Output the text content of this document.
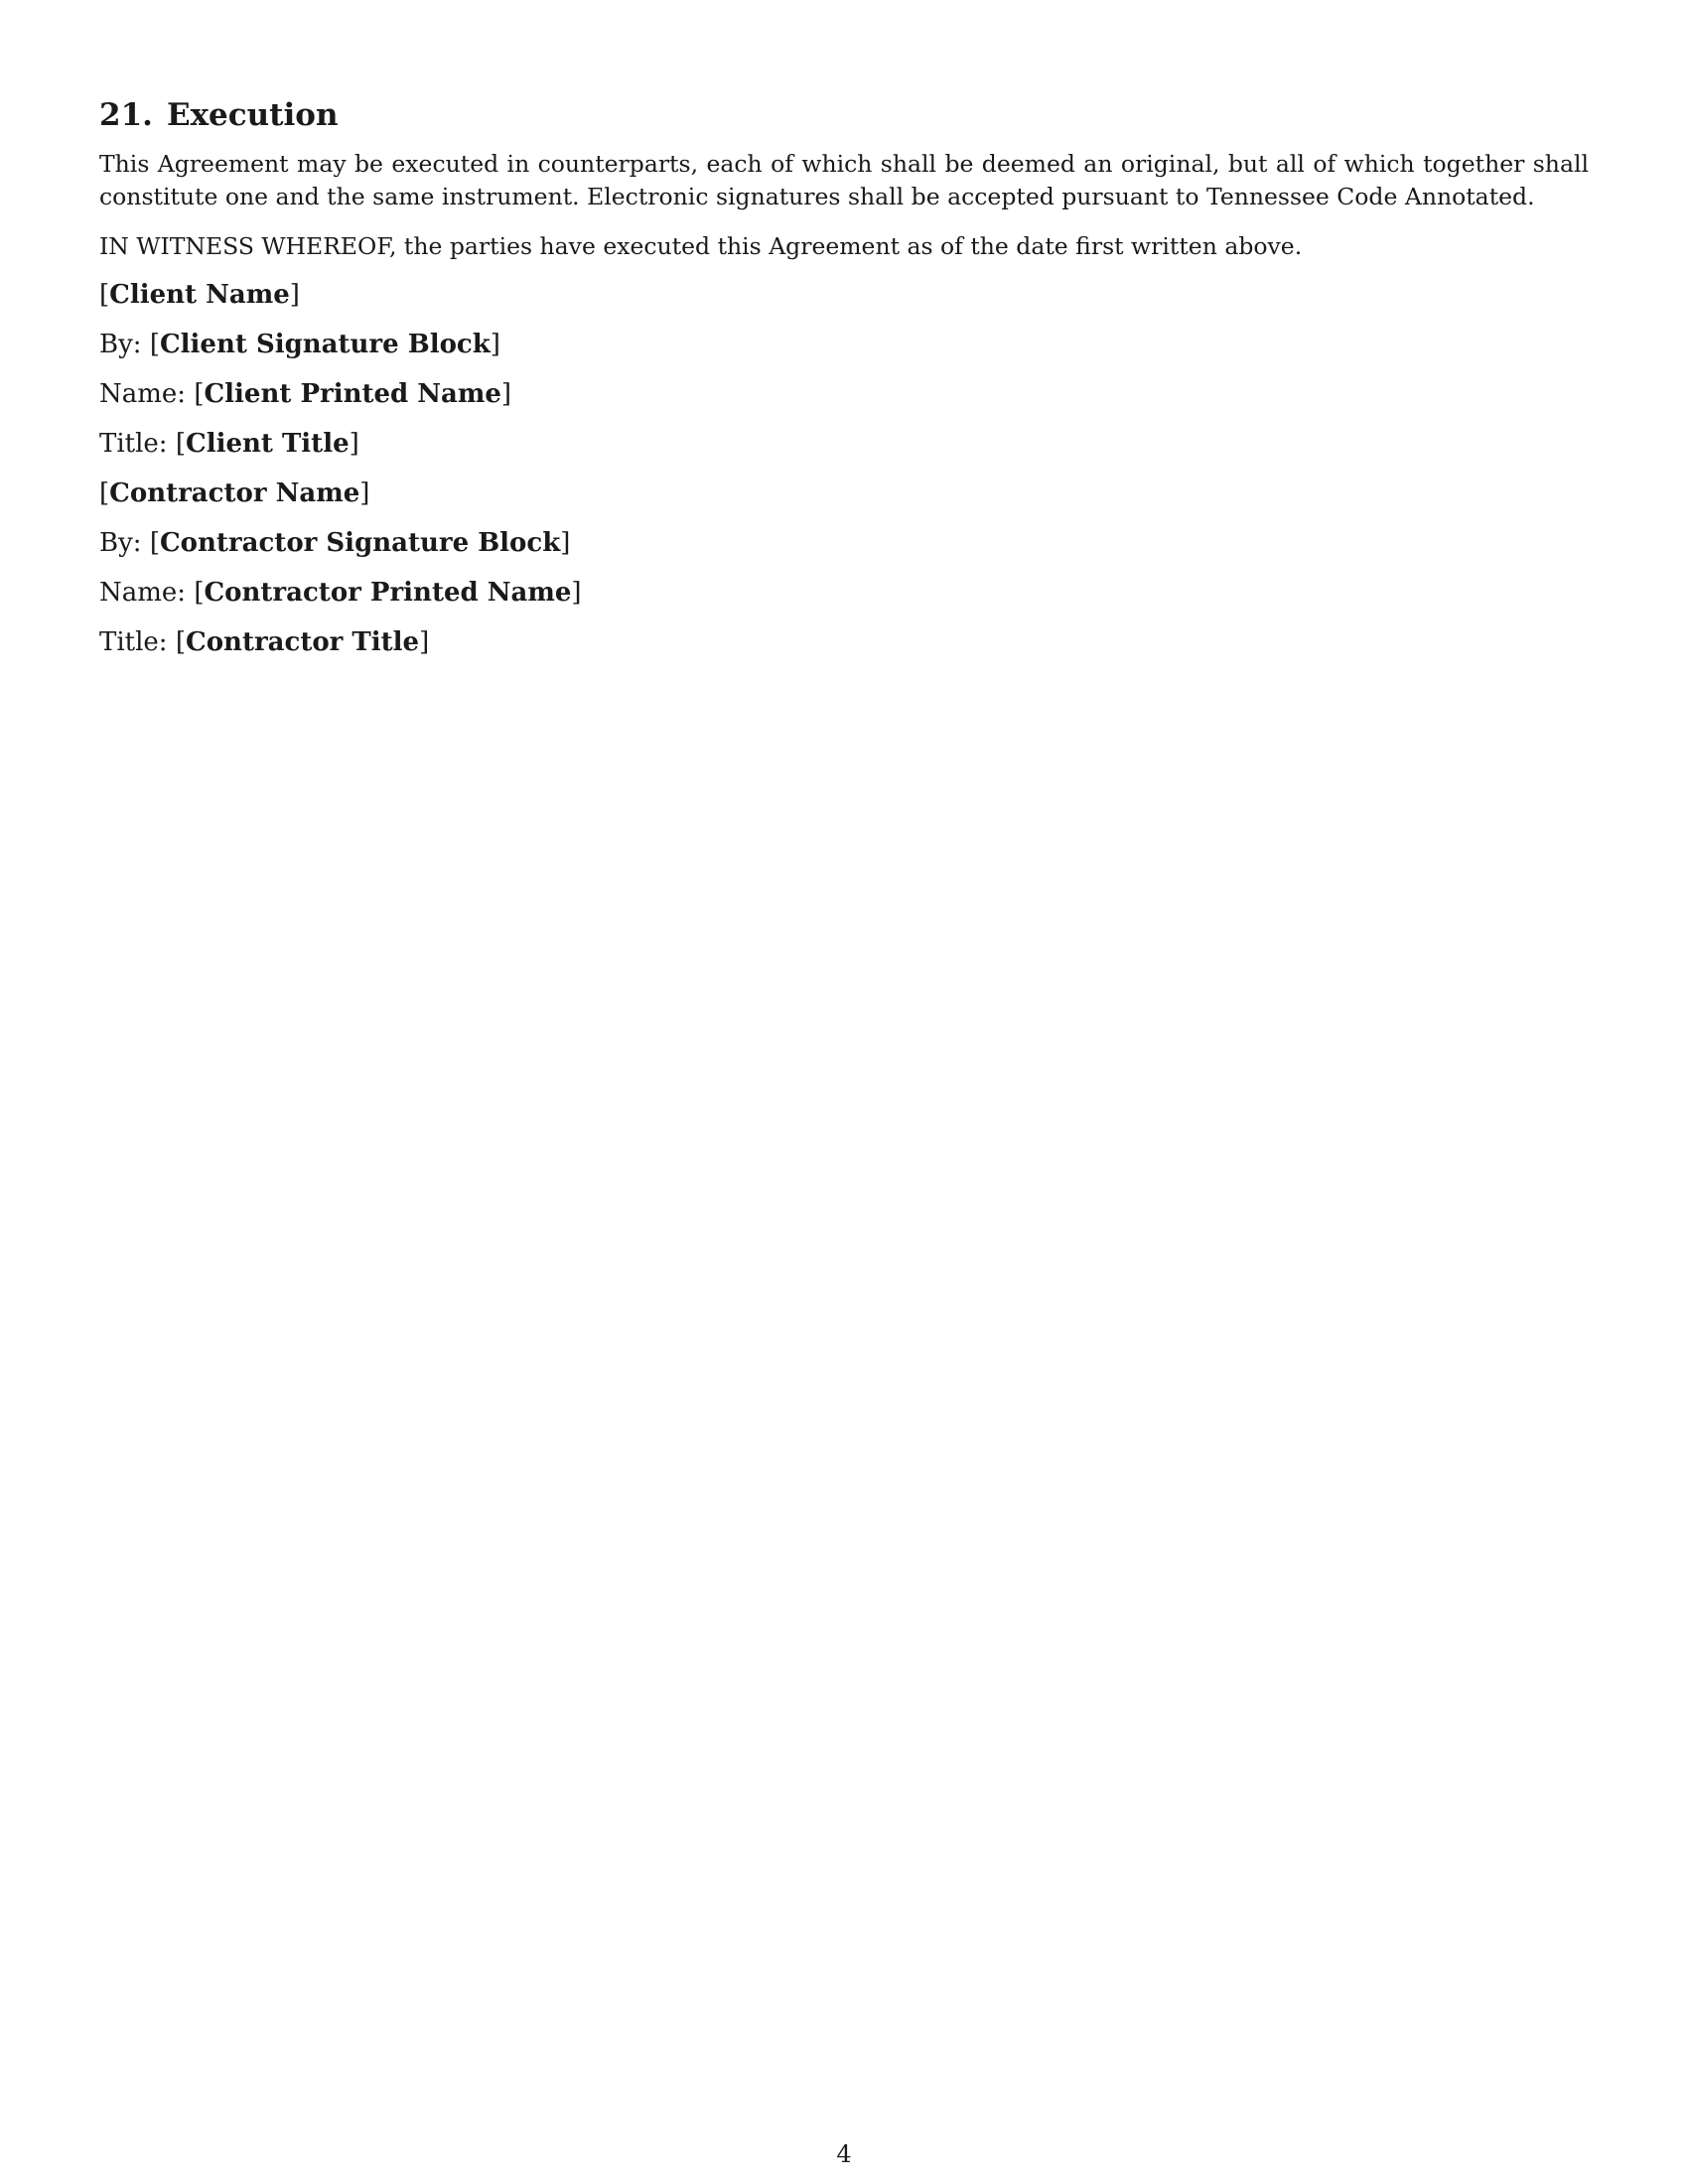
21. Execution

This Agreement may be executed in counterparts, each of which shall be deemed an original, but all of which together shall constitute one and the same instrument. Electronic signatures shall be accepted pursuant to Tennessee Code Annotated.

IN WITNESS WHEREOF, the parties have executed this Agreement as of the date first written above.

[Client Name]

By: [Client Signature Block]

Name: [Client Printed Name]

Title: [Client Title]

[Contractor Name]

By: [Contractor Signature Block]

Name: [Contractor Printed Name]

Title: [Contractor Title]

4
